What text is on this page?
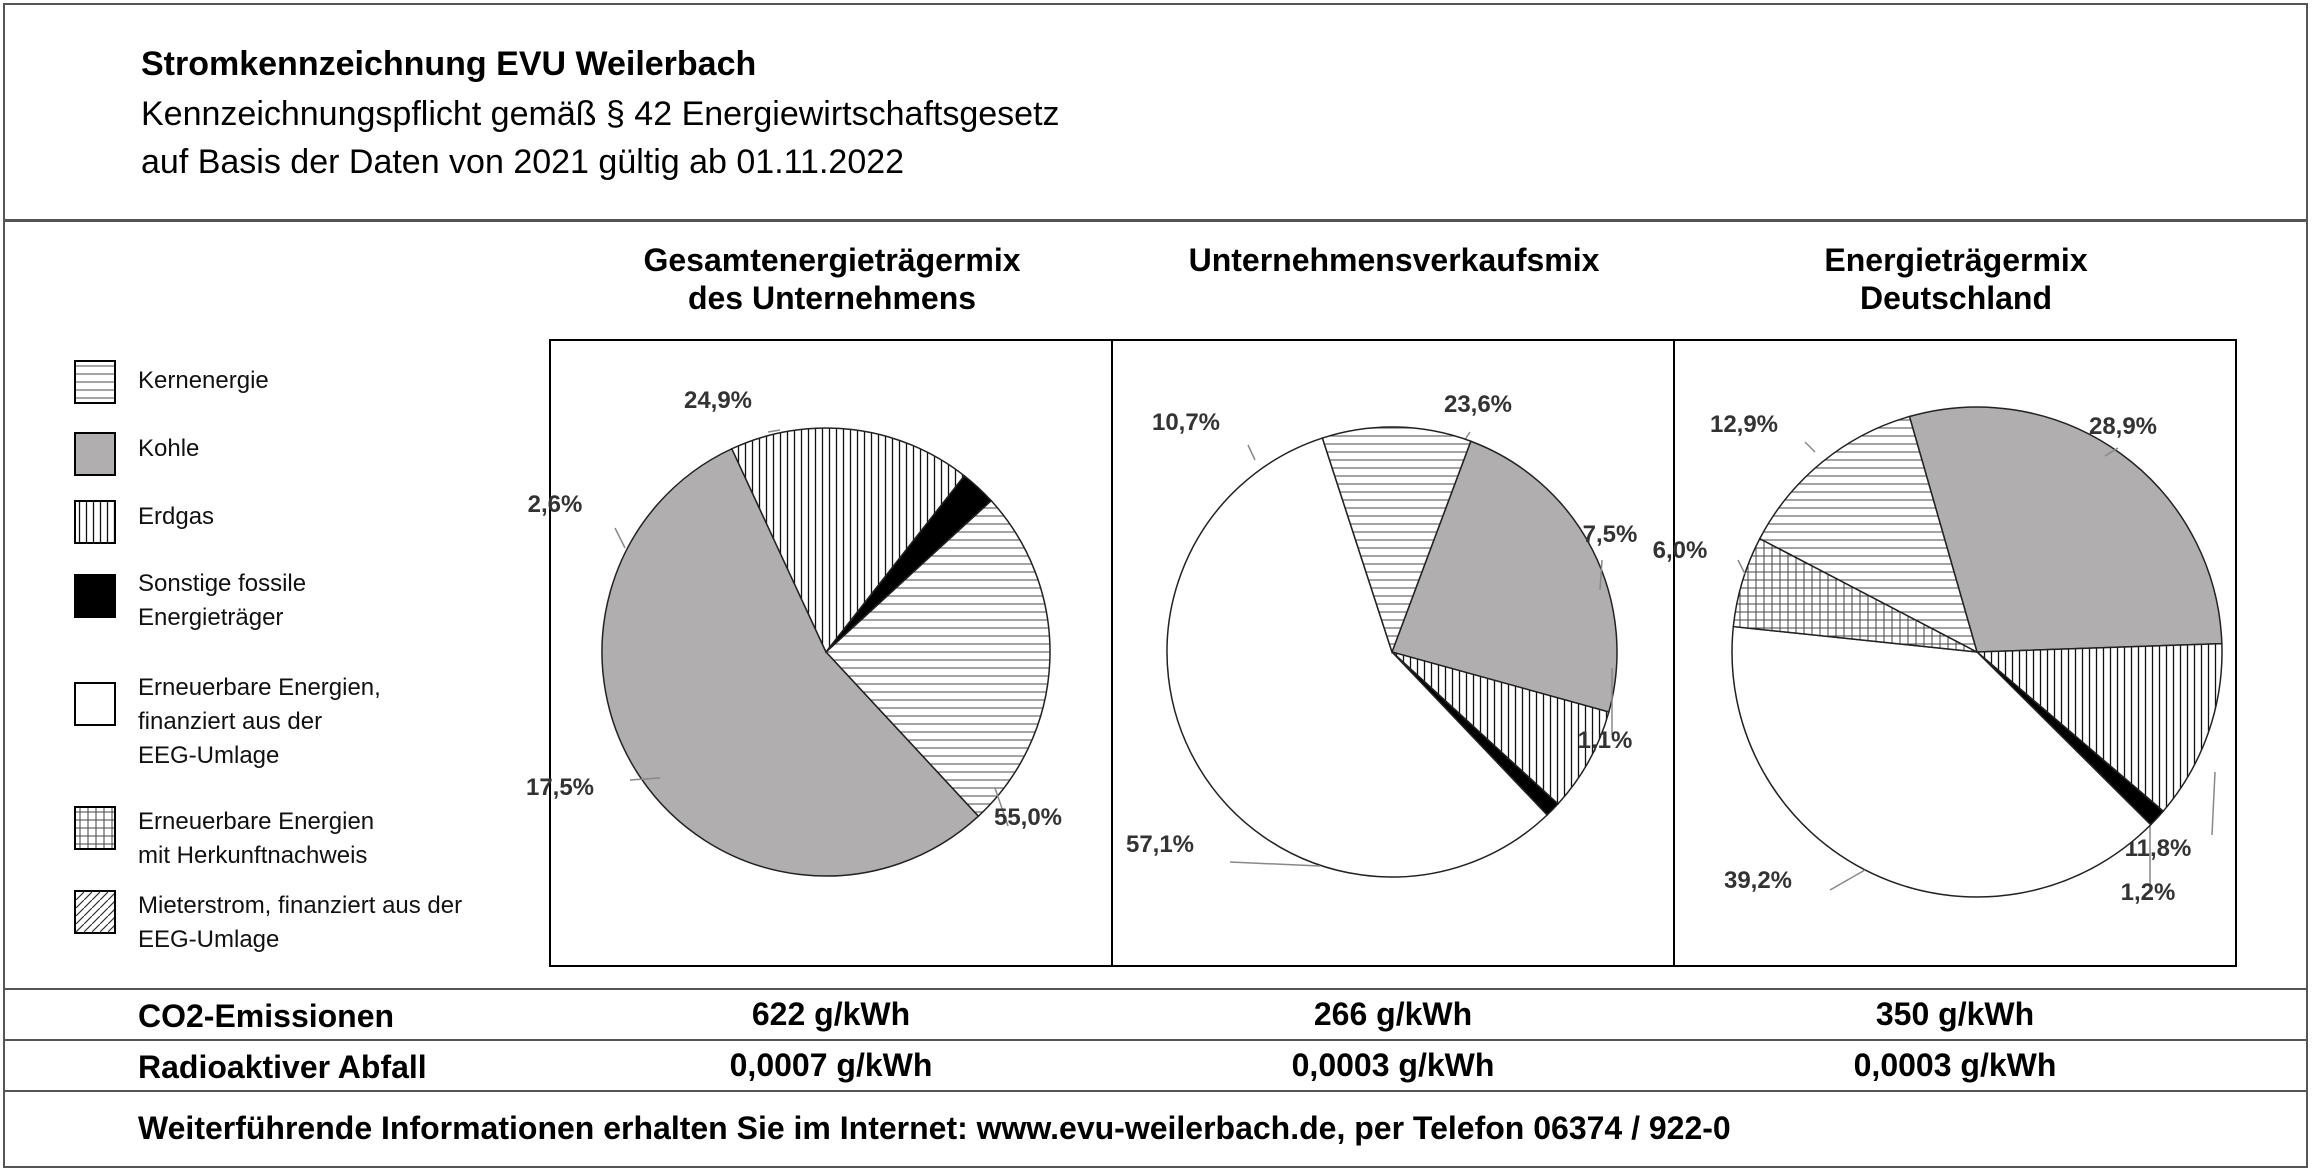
Stromkennzeichnung EVU Weilerbach
Kennzeichnungspflicht gemäß § 42 Energiewirtschaftsgesetz
auf Basis der Daten von 2021 gültig ab 01.11.2022
Kernenergie
Kohle
Erdgas
Sonstige fossile
Energieträger
Erneuerbare Energien,
finanziert aus der
EEG-Umlage
Erneuerbare Energien
mit Herkunftnachweis
Mieterstrom, finanziert aus der
EEG-Umlage
Gesamtenergieträgermix
des Unternehmens
Unternehmensverkaufsmix	Energieträgermix
Deutschland
24,9%
55,0%
17,5%
2,6%
23,6%
7,5%
1,1%
57,1%
10,7%	28,9%
11,8%
1,2%
39,2%
6,0%
12,9%
CO2-Emissionen	622 g/kWh	266 g/kWh	350 g/kWh
Radioaktiver Abfall	0,0007 g/kWh	0,0003 g/kWh	0,0003 g/kWh
Weiterführende Informationen erhalten Sie im Internet: www.evu-weilerbach.de, per Telefon 06374 / 922-0
